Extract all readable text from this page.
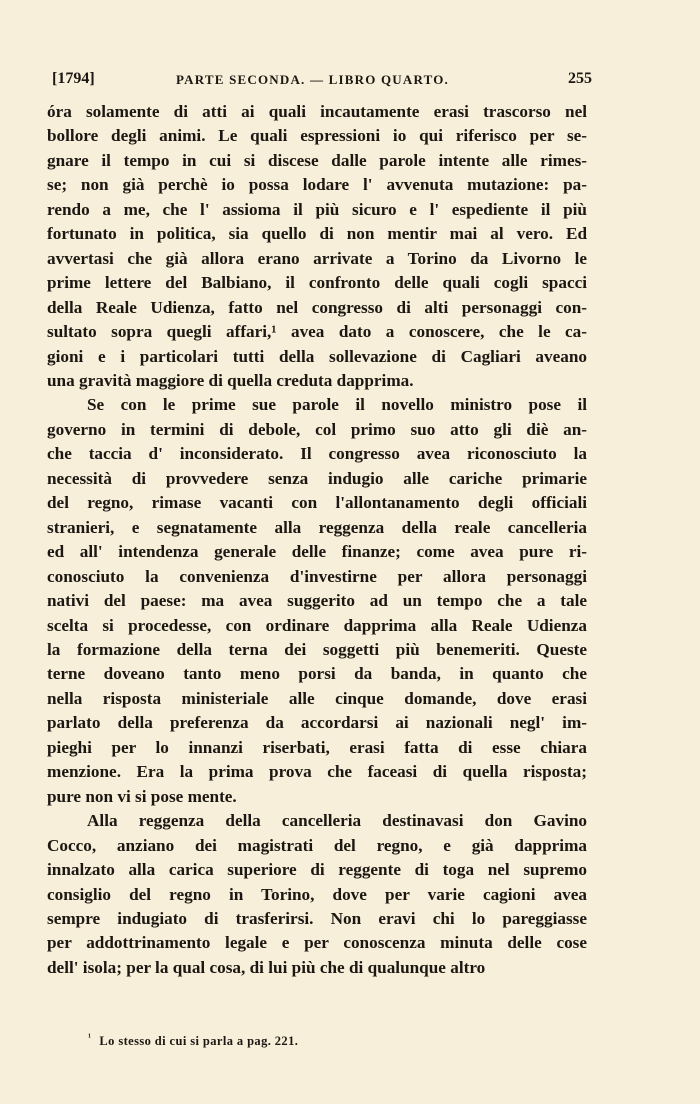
[1794]	PARTE SECONDA. — LIBRO QUARTO.	255
óra solamente di atti ai quali incautamente erasi trascorso nel
bollore degli animi. Le quali espressioni io qui riferisco per se-
gnare il tempo in cui si discese dalle parole intente alle rimes-
se; non già perchè io possa lodare l' avvenuta mutazione: pa-
rendo a me, che l' assioma il più sicuro e l' espediente il più
fortunato in politica, sia quello di non mentir mai al vero. Ed
avvertasi che già allora erano arrivate a Torino da Livorno le
prime lettere del Balbiano, il confronto delle quali cogli spacci
della Reale Udienza, fatto nel congresso di alti personaggi con-
sultato sopra quegli affari,¹ avea dato a conoscere, che le ca-
gioni e i particolari tutti della sollevazione di Cagliari aveano
una gravità maggiore di quella creduta dapprima.
Se con le prime sue parole il novello ministro pose il
governo in termini di debole, col primo suo atto gli diè an-
che taccia d' inconsiderato. Il congresso avea riconosciuto la
necessità di provvedere senza indugio alle cariche primarie
del regno, rimase vacanti con l'allontanamento degli officiali
stranieri, e segnatamente alla reggenza della reale cancelleria
ed all' intendenza generale delle finanze; come avea pure ri-
conosciuto la convenienza d'investirne per allora personaggi
nativi del paese: ma avea suggerito ad un tempo che a tale
scelta si procedesse, con ordinare dapprima alla Reale Udienza
la formazione della terna dei soggetti più benemeriti. Queste
terne doveano tanto meno porsi da banda, in quanto che
nella risposta ministeriale alle cinque domande, dove erasi
parlato della preferenza da accordarsi ai nazionali negl' im-
pieghi per lo innanzi riserbati, erasi fatta di esse chiara
menzione. Era la prima prova che faceasi di quella risposta;
pure non vi si pose mente.
Alla reggenza della cancelleria destinavasi don Gavino
Cocco, anziano dei magistrati del regno, e già dapprima
innalzato alla carica superiore di reggente di toga nel supremo
consiglio del regno in Torino, dove per varie cagioni avea
sempre indugiato di trasferirsi. Non eravi chi lo pareggiasse
per addottrinamento legale e per conoscenza minuta delle cose
dell' isola; per la qual cosa, di lui più che di qualunque altro
$^{^1}$ Lo stesso di cui si parla a pag. 221.
